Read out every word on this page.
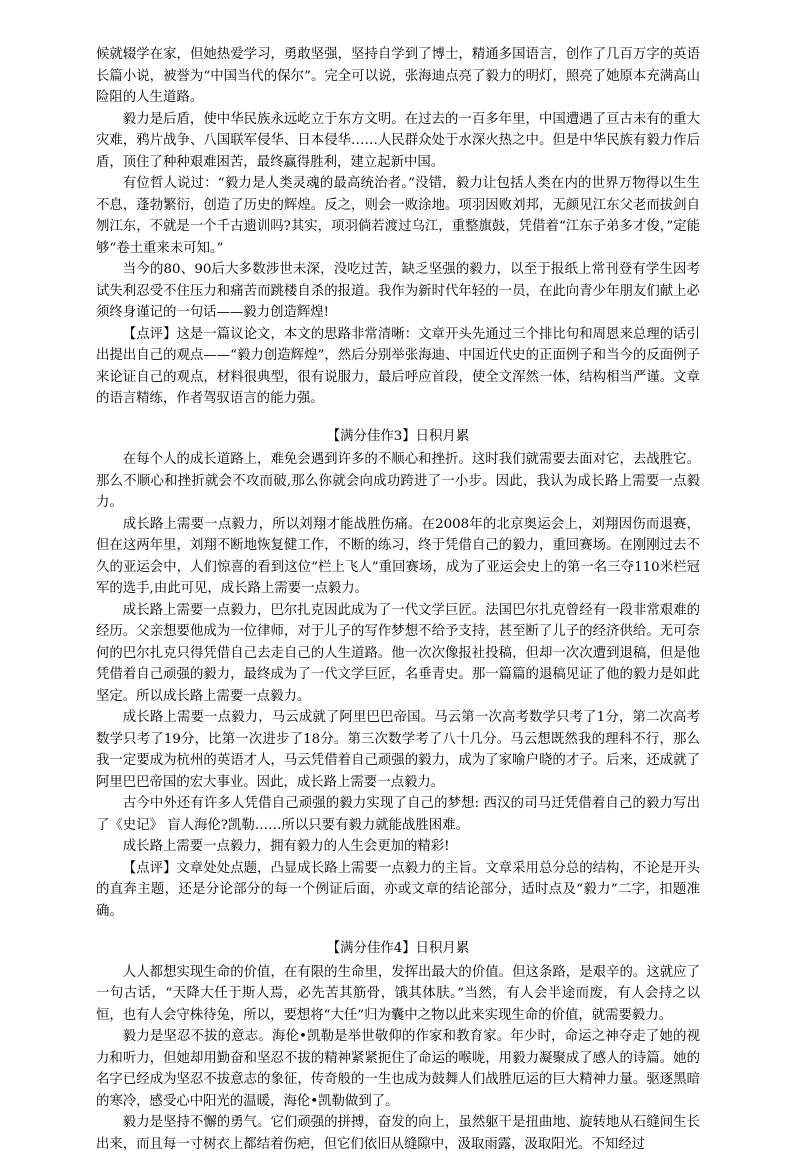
候就辍学在家，但她热爱学习，勇敢坚强，坚持自学到了博士，精通多国语言，创作了几百万字的英语长篇小说，被誉为“中国当代的保尔”。完全可以说，张海迪点亮了毅力的明灯，照亮了她原本充满高山险阻的人生道路。

毅力是后盾，使中华民族永远屹立于东方文明。在过去的一百多年里，中国遭遇了亘古未有的重大灾难，鸦片战争、八国联军侵华、日本侵华……人民群众处于水深火热之中。但是中华民族有毅力作后盾，顶住了种种艰难困苦，最终赢得胜利，建立起新中国。

有位哲人说过：“毅力是人类灵魂的最高统治者。”没错，毅力让包括人类在内的世界万物得以生生不息，蓬勃繁衍，创造了历史的辉煌。反之，则会一败涂地。项羽因败刘邦，无颜见江东父老而拔剑自刎江东，不就是一个千古遗训吗?其实，项羽倘若渡过乌江，重整旗鼓，凭借着“江东子弟多才俊，”定能够“卷土重来未可知。”

当今的80、90后大多数涉世未深，没吃过苦，缺乏坚强的毅力，以至于报纸上常刊登有学生因考试失利忍受不住压力和痛苦而跳楼自杀的报道。我作为新时代年轻的一员，在此向青少年朋友们献上必须终身谨记的一句话——毅力创造辉煌!

【点评】这是一篇议论文，本文的思路非常清晰：文章开头先通过三个排比句和周恩来总理的话引出提出自己的观点——“毅力创造辉煌”，然后分别举张海迪、中国近代史的正面例子和当今的反面例子来论证自己的观点，材料很典型，很有说服力，最后呼应首段，使全文浑然一体，结构相当严谨。文章的语言精练，作者驾驭语言的能力强。

【满分佳作3】日积月累

在每个人的成长道路上，难免会遇到许多的不顺心和挫折。这时我们就需要去面对它，去战胜它。那么不顺心和挫折就会不攻而破,那么你就会向成功跨进了一小步。因此，我认为成长路上需要一点毅力。

成长路上需要一点毅力，所以刘翔才能战胜伤痛。在2008年的北京奥运会上，刘翔因伤而退赛，但在这两年里，刘翔不断地恢复健工作，不断的练习，终于凭借自己的毅力，重回赛场。在刚刚过去不久的亚运会中，人们惊喜的看到这位“栏上飞人”重回赛场，成为了亚运会史上的第一名三夺110米栏冠军的选手,由此可见，成长路上需要一点毅力。

成长路上需要一点毅力，巴尔扎克因此成为了一代文学巨匠。法国巴尔扎克曾经有一段非常艰难的经历。父亲想要他成为一位律师，对于儿子的写作梦想不给予支持，甚至断了儿子的经济供给。无可奈何的巴尔扎克只得凭借自己去走自己的人生道路。他一次次像报社投稿，但却一次次遭到退稿，但是他凭借着自己顽强的毅力，最终成为了一代文学巨匠，名垂青史。那一篇篇的退稿见证了他的毅力是如此坚定。所以成长路上需要一点毅力。

成长路上需要一点毅力，马云成就了阿里巴巴帝国。马云第一次高考数学只考了1分，第二次高考数学只考了19分，比第一次进步了18分。第三次数学考了八十几分。马云想既然我的理科不行，那么我一定要成为杭州的英语才人，马云凭借着自己顽强的毅力，成为了家喻户晓的才子。后来，还成就了阿里巴巴帝国的宏大事业。因此，成长路上需要一点毅力。

古今中外还有许多人凭借自己顽强的毅力实现了自己的梦想: 西汉的司马迁凭借着自己的毅力写出了《史记》 盲人海伦?凯勒……所以只要有毅力就能战胜困难。

成长路上需要一点毅力，拥有毅力的人生会更加的精彩!

【点评】文章处处点题，凸显成长路上需要一点毅力的主旨。文章采用总分总的结构，不论是开头的直奔主题，还是分论部分的每一个例证后面，亦或文章的结论部分，适时点及“毅力”二字，扣题准确。

【满分佳作4】日积月累

人人都想实现生命的价值，在有限的生命里，发挥出最大的价值。但这条路，是艰辛的。这就应了一句古话，“天降大任于斯人焉，必先苦其筋骨，饿其体肤。”当然，有人会半途而废，有人会持之以恒，也有人会守株待兔，所以，要想将“大任”归为囊中之物以此来实现生命的价值，就需要毅力。

毅力是坚忍不拔的意志。海伦•凯勒是举世敬仰的作家和教育家。年少时，命运之神夺走了她的视力和听力，但她却用勤奋和坚忍不拔的精神紧紧扼住了命运的喉咙，用毅力凝聚成了感人的诗篇。她的名字已经成为坚忍不拔意志的象征，传奇般的一生也成为鼓舞人们战胜厄运的巨大精神力量。驱逐黑暗的寒冷，感受心中阳光的温暖，海伦•凯勒做到了。

毅力是坚持不懈的勇气。它们顽强的拼搏，奋发的向上，虽然躯干是扭曲地、旋转地从石缝间生长出来，而且每一寸树衣上都结着伤疤，但它们依旧从缝隙中，汲取雨露，汲取阳光。不知经过
